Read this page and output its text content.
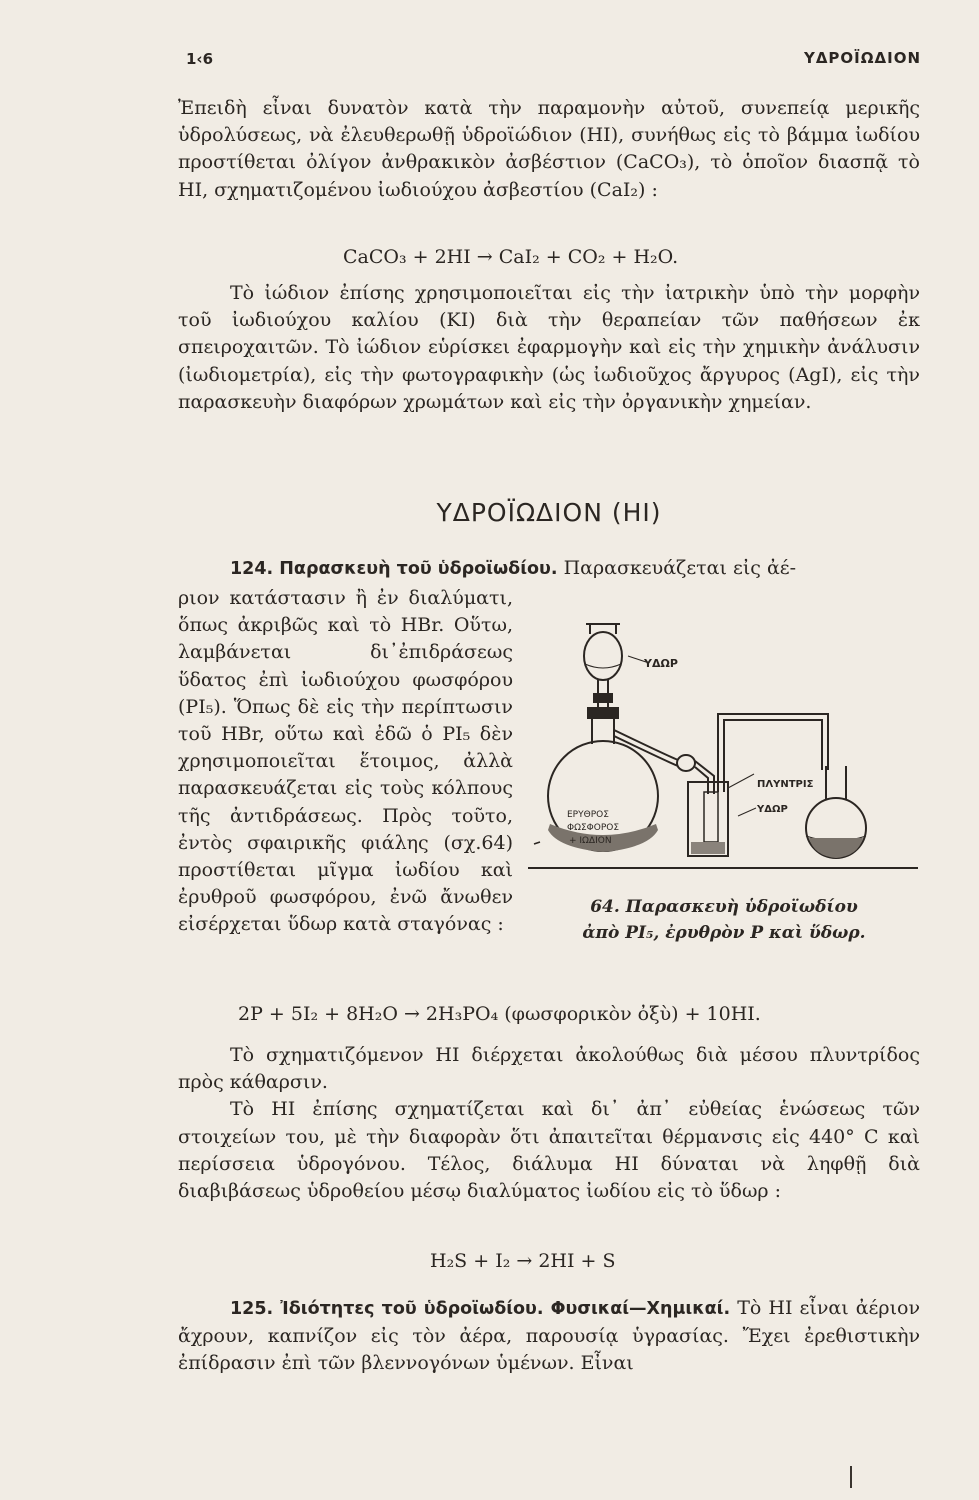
1‹6	ΥΔΡΟΪΩΔΙΟΝ

Ἐπειδὴ εἶναι δυνατὸν κατὰ τὴν παραμονὴν αὐτοῦ, συνεπείᾳ μερικῆς ὑδρολύσεως, νὰ ἐλευθερωθῇ ὑδροϊώδιον (HI), συνήθως εἰς τὸ βάμμα ἰωδίου προστίθεται ὀλίγον ἀνθρακικὸν ἀσβέστιον (CaCO₃), τὸ ὁποῖον διασπᾷ τὸ HI, σχηματιζομένου ἰωδιούχου ἀσβεστίου (CaI₂) :

CaCO₃ + 2HI → CaI₂ + CO₂ + H₂O.

Τὸ ἰώδιον ἐπίσης χρησιμοποιεῖται εἰς τὴν ἰατρικὴν ὑπὸ τὴν μορφὴν τοῦ ἰωδιούχου καλίου (KI) διὰ τὴν θεραπείαν τῶν παθήσεων ἐκ σπειροχαιτῶν. Τὸ ἰώδιον εὑρίσκει ἐφαρμογὴν καὶ εἰς τὴν χημικὴν ἀνάλυσιν (ἰωδιομετρία), εἰς τὴν φωτογραφικὴν (ὡς ἰωδιοῦχος ἄργυρος (AgI), εἰς τὴν παρασκευὴν διαφόρων χρωμάτων καὶ εἰς τὴν ὀργανικὴν χημείαν.

ΥΔΡΟΪΩΔΙΟΝ (HI)
124. Παρασκευὴ τοῦ ὑδροϊωδίου. Παρασκευάζεται εἰς ἀέ-
ριον κατάστασιν ἢ ἐν διαλύματι, ὅπως ἀκριβῶς καὶ τὸ HBr. Οὕτω, λαμβάνεται δι᾽ἐπιδράσεως ὕδατος ἐπὶ ἰωδιούχου φωσφόρου (PI₅). Ὅπως δὲ εἰς τὴν περίπτωσιν τοῦ HBr, οὕτω καὶ ἐδῶ ὁ PI₅ δὲν χρησιμοποιεῖται ἕτοιμος, ἀλλὰ παρασκευάζεται εἰς τοὺς κόλπους τῆς ἀντιδράσεως. Πρὸς τοῦτο, ἐντὸς σφαιρικῆς φιάλης (σχ.64) προστίθεται μῖγμα ἰωδίου καὶ ἐρυθροῦ φωσφόρου, ἐνῶ ἄνωθεν εἰσέρχεται ὕδωρ κατὰ σταγόνας :
ΥΔΩΡ
ΠΛΥΝΤΡΙΣ
ΥΔΩΡ
ΕΡΥΘΡΟΣ
ΦΩΣΦΟΡΟΣ
+ ΙΩΔΙΟΝ
64. Παρασκευὴ ὑδροϊωδίου
ἀπὸ PI₅, ἐρυθρὸν P καὶ ὕδωρ.
2P + 5I₂ + 8H₂O → 2H₃PO₄ (φωσφορικὸν ὀξὺ) + 10HI.

Τὸ σχηματιζόμενον HI διέρχεται ἀκολούθως διὰ μέσου πλυντρίδος πρὸς κάθαρσιν.

Τὸ HI ἐπίσης σχηματίζεται καὶ δι᾽ ἀπ᾽ εὐθείας ἑνώσεως τῶν στοιχείων του, μὲ τὴν διαφορὰν ὅτι ἀπαιτεῖται θέρμανσις εἰς 440° C καὶ περίσσεια ὑδρογόνου. Τέλος, διάλυμα HI δύναται νὰ ληφθῇ διὰ διαβιβάσεως ὑδροθείου μέσῳ διαλύματος ἰωδίου εἰς τὸ ὕδωρ :

H₂S + I₂ → 2HI + S

125. Ἰδιότητες τοῦ ὑδροϊωδίου. Φυσικαί—Χημικαί. Τὸ HI εἶναι ἀέριον ἄχρουν, καπνίζον εἰς τὸν ἀέρα, παρουσίᾳ ὑγρασίας. Ἔχει ἐρεθιστικὴν ἐπίδρασιν ἐπὶ τῶν βλεννογόνων ὑμένων. Εἶναι
